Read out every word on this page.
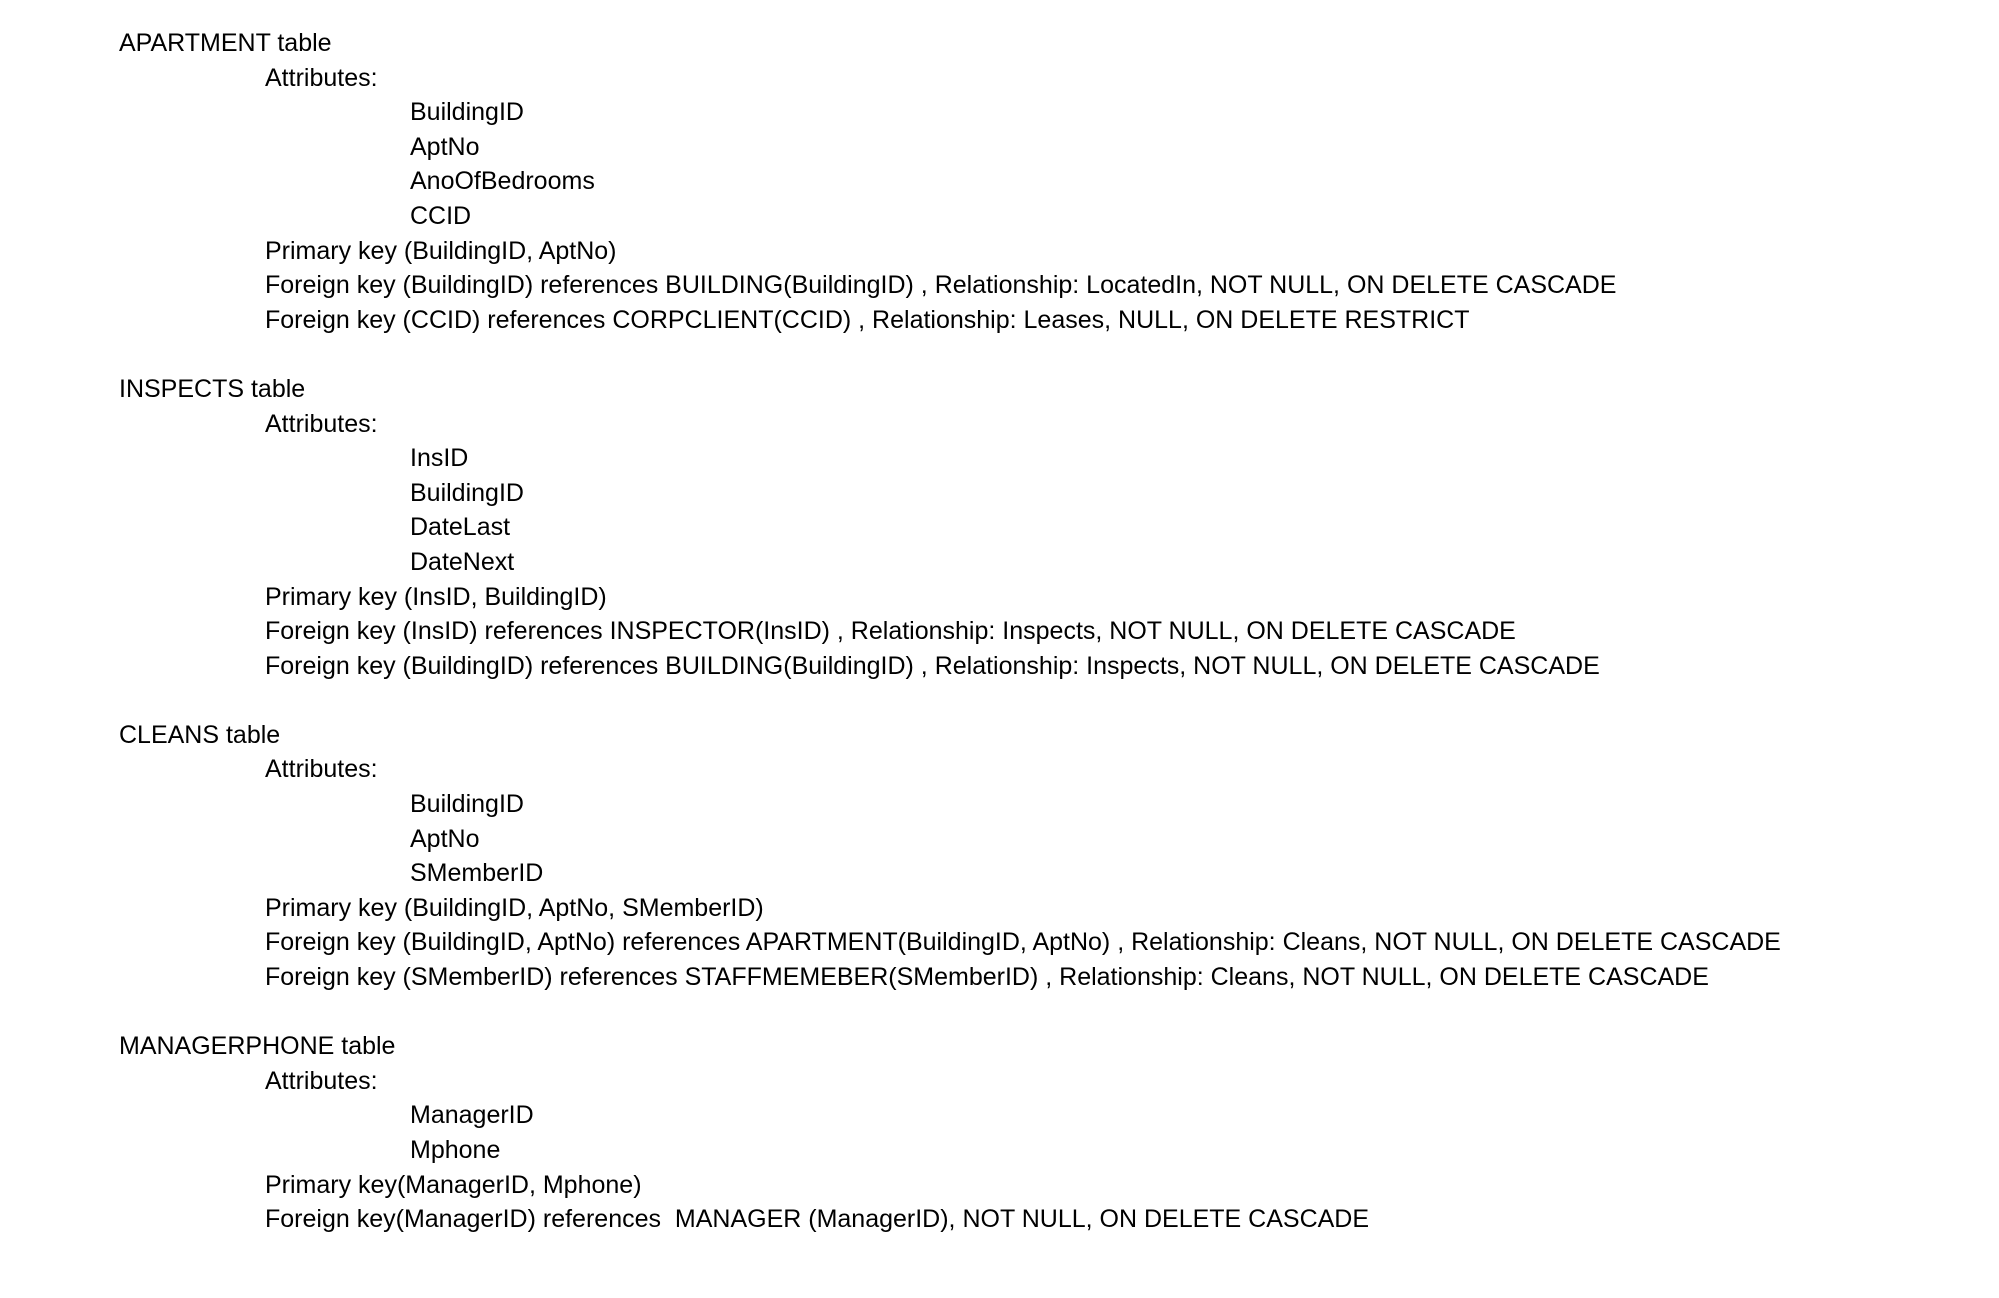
APARTMENT table
Attributes:
BuildingID
AptNo
AnoOfBedrooms
CCID
Primary key (BuildingID, AptNo)
Foreign key (BuildingID) references BUILDING(BuildingID) , Relationship: LocatedIn, NOT NULL, ON DELETE CASCADE
Foreign key (CCID) references CORPCLIENT(CCID) , Relationship: Leases, NULL, ON DELETE RESTRICT
INSPECTS table
Attributes:
InsID
BuildingID
DateLast
DateNext
Primary key (InsID, BuildingID)
Foreign key (InsID) references INSPECTOR(InsID) , Relationship: Inspects, NOT NULL, ON DELETE CASCADE
Foreign key (BuildingID) references BUILDING(BuildingID) , Relationship: Inspects, NOT NULL, ON DELETE CASCADE
CLEANS table
Attributes:
BuildingID
AptNo
SMemberID
Primary key (BuildingID, AptNo, SMemberID)
Foreign key (BuildingID, AptNo) references APARTMENT(BuildingID, AptNo) , Relationship: Cleans, NOT NULL, ON DELETE CASCADE
Foreign key (SMemberID) references STAFFMEMEBER(SMemberID) , Relationship: Cleans, NOT NULL, ON DELETE CASCADE
MANAGERPHONE table
Attributes:
ManagerID
Mphone
Primary key(ManagerID, Mphone)
Foreign key(ManagerID) references  MANAGER (ManagerID), NOT NULL, ON DELETE CASCADE
